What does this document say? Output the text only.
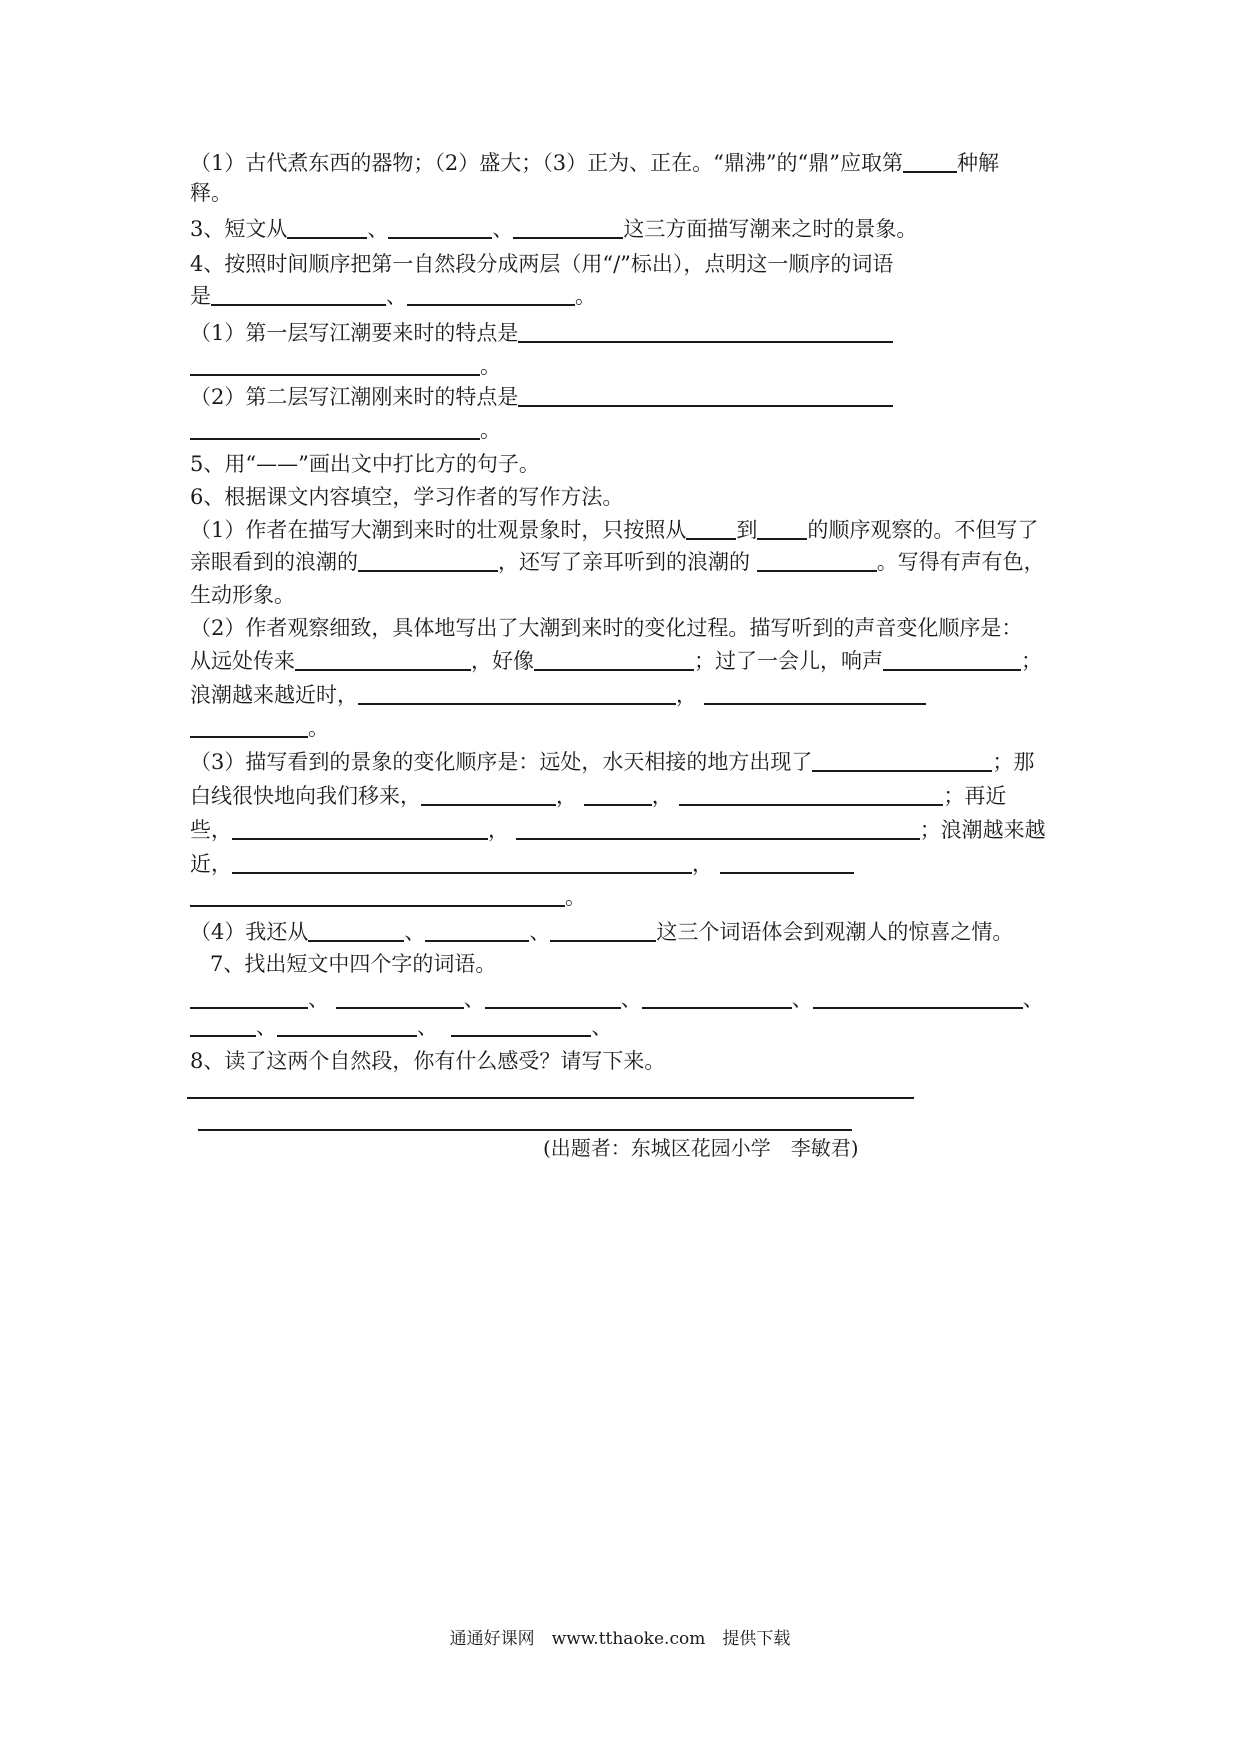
（1）古代煮东西的器物；（2）盛大；（3）正为、正在。“鼎沸”的“鼎”应取第	种解
释。
3、短文从	、	、	这三方面描写潮来之时的景象。
4、按照时间顺序把第一自然段分成两层（用“/”标出），点明这一顺序的词语
是	、	。
（1）第一层写江潮要来时的特点是
。
（2）第二层写江潮刚来时的特点是
。
5、用“——”画出文中打比方的句子。
6、根据课文内容填空，学习作者的写作方法。
（1）作者在描写大潮到来时的壮观景象时，只按照从 到 的顺序观察的。不但写了
亲眼看到的浪潮的	，还写了亲耳听到的浪潮的	。写得有声有色，
生动形象。
（2）作者观察细致，具体地写出了大潮到来时的变化过程。描写听到的声音变化顺序是：
从远处传来	，好像	；过了一会儿，响声	；
浪潮越来越近时，	，
。
（3）描写看到的景象的变化顺序是：远处，水天相接的地方出现了	；那
白线很快地向我们移来，	，	，	；再近
些，	，	；浪潮越来越
近，	，
。
（4）我还从	、	、	这三个词语体会到观潮人的惊喜之情。
7、找出短文中四个字的词语。
、	、	、	、	、
、	、	、
8、读了这两个自然段，你有什么感受？请写下来。
(出题者：东城区花园小学　李敏君)
通通好课网　www.tthaoke.com　提供下载
